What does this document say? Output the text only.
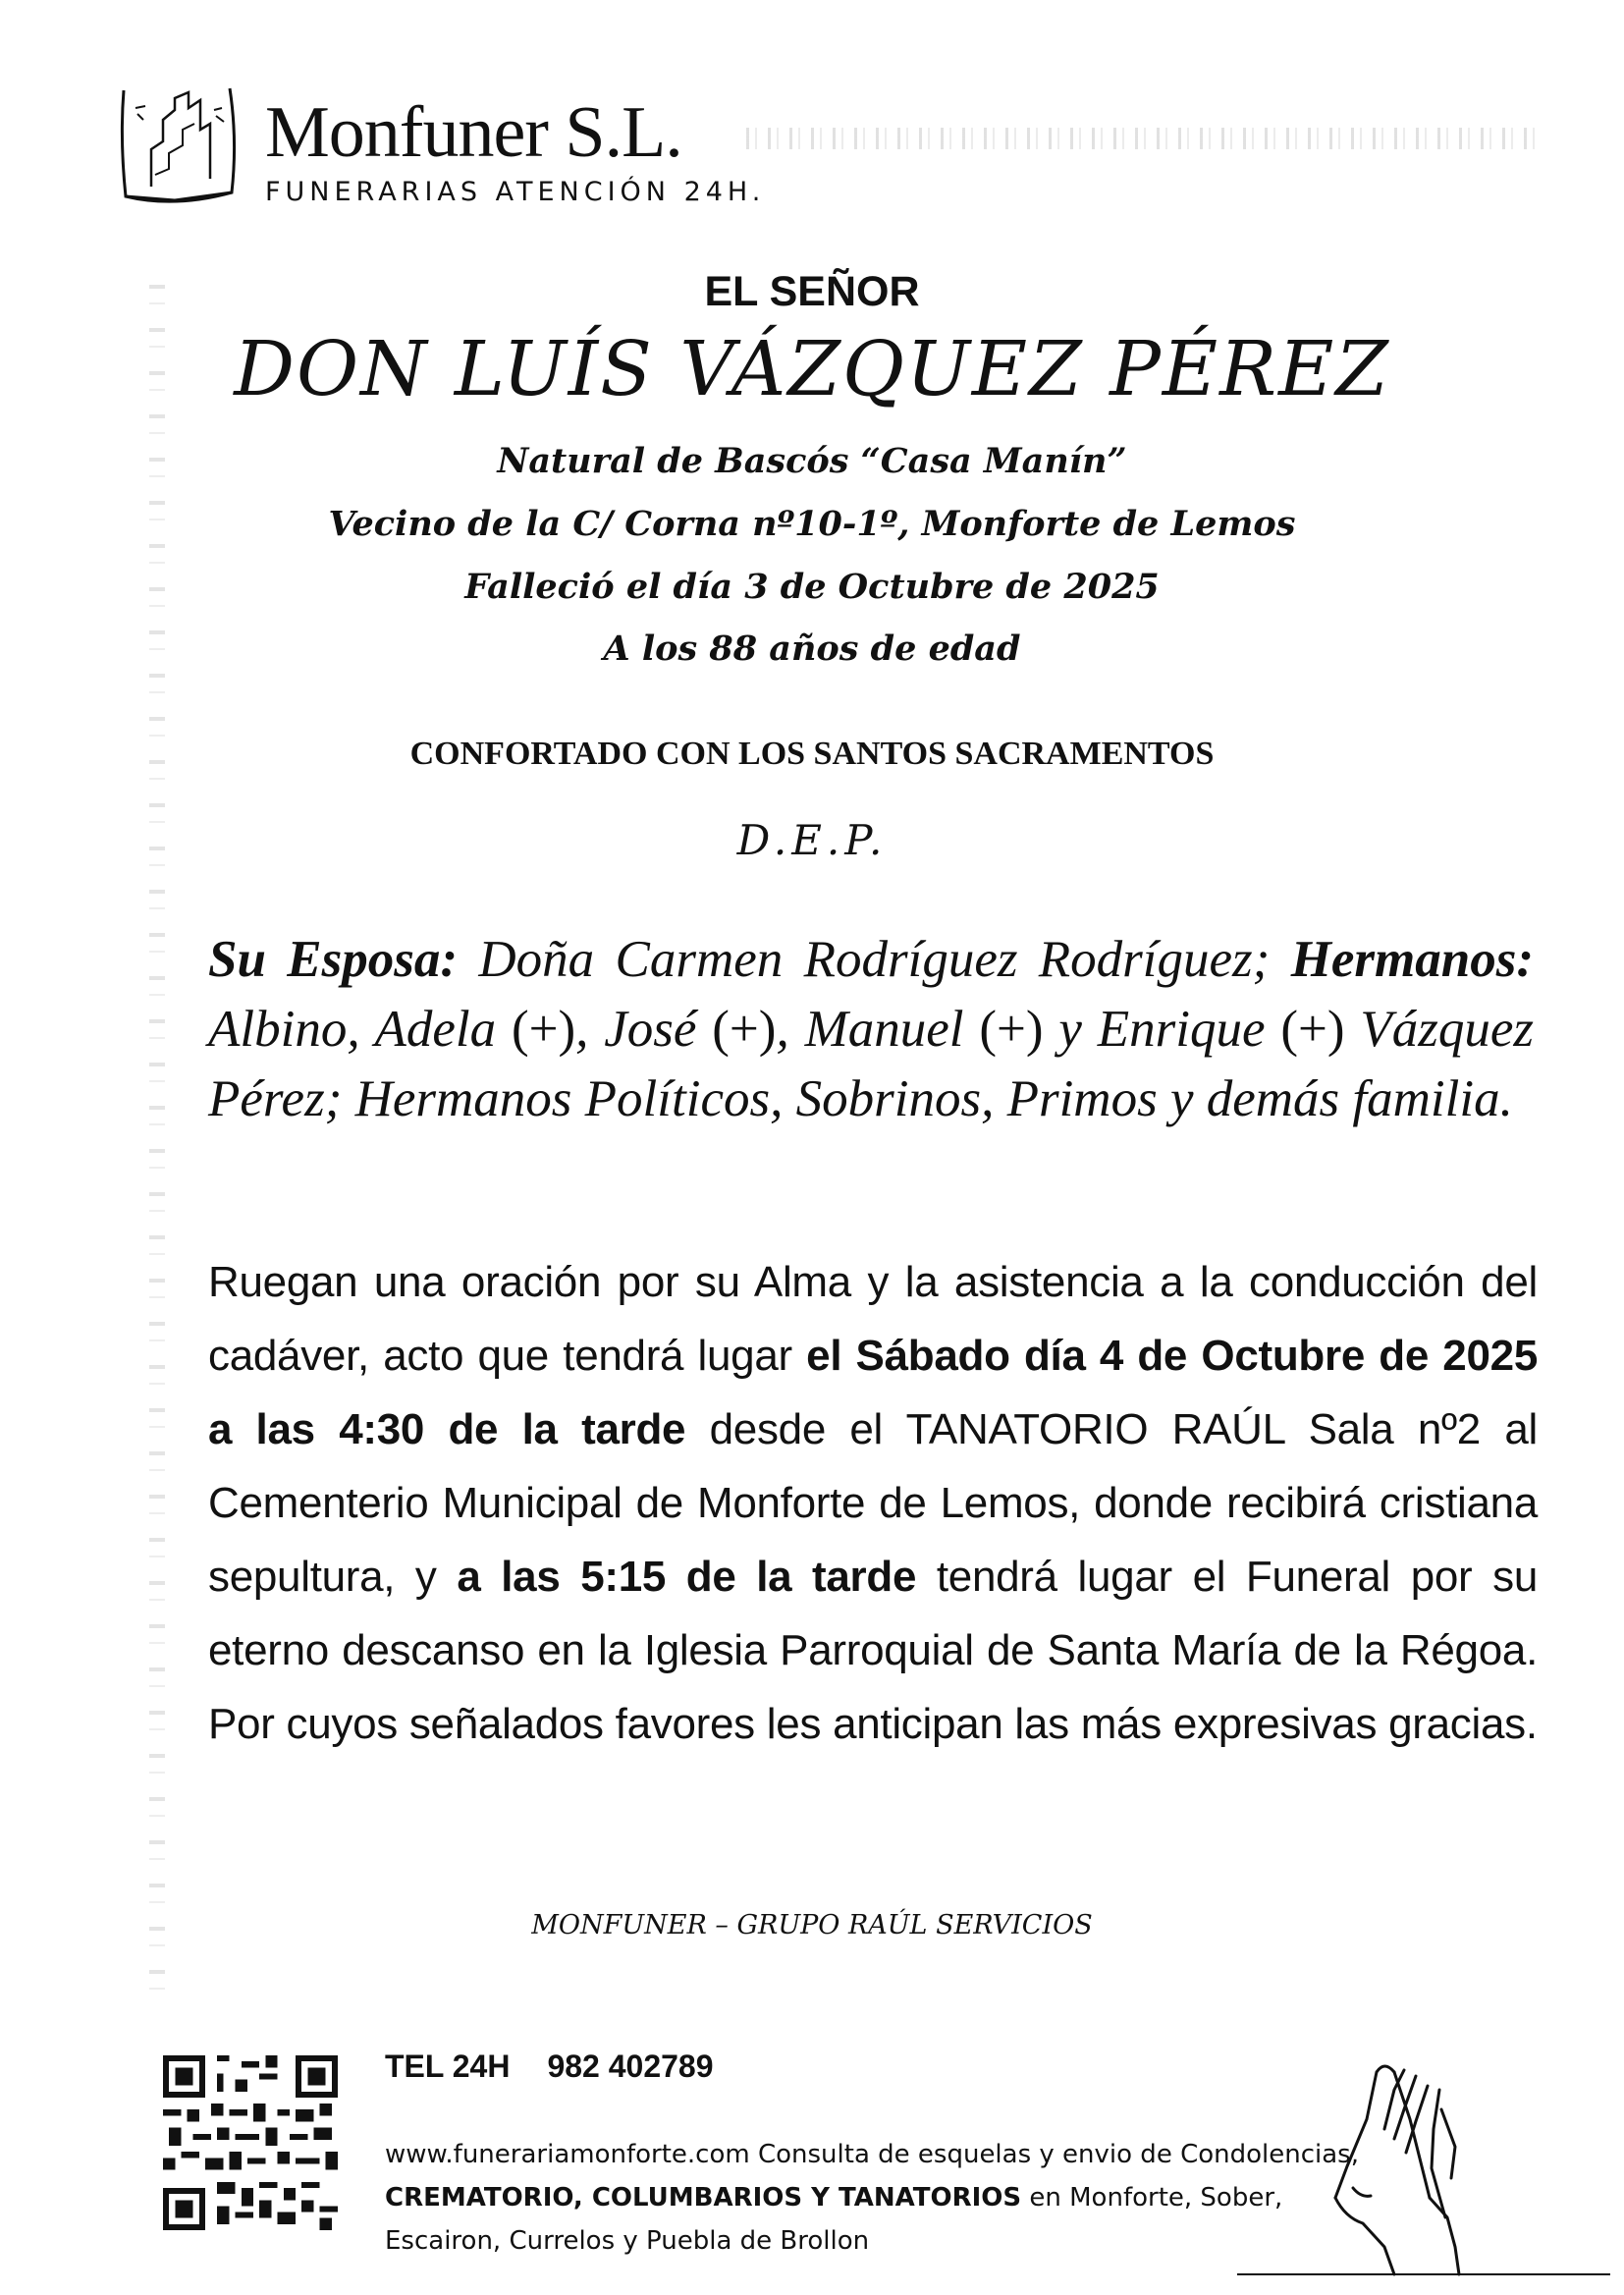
Monfuner S.L.
FUNERARIAS ATENCIÓN 24H.
EL SEÑOR
DON LUÍS VÁZQUEZ PÉREZ
Natural de Bascós “Casa Manín”
Vecino de la C/ Corna nº10-1º, Monforte de Lemos
Falleció el día 3 de Octubre de 2025
A los 88 años de edad
CONFORTADO CON LOS SANTOS SACRAMENTOS
D.E.P.
Su Esposa: Doña Carmen Rodríguez Rodríguez; Hermanos: Albino, Adela (+), José (+), Manuel (+) y Enrique (+) Vázquez Pérez; Hermanos Políticos, Sobrinos, Primos y demás familia.
Ruegan una oración por su Alma y la asistencia a la conducción del cadáver, acto que tendrá lugar el Sábado día 4 de Octubre de 2025 a las 4:30 de la tarde desde el TANATORIO RAÚL Sala nº2 al Cementerio Municipal de Monforte de Lemos, donde recibirá cristiana sepultura, y a las 5:15 de la tarde tendrá lugar el Funeral por su eterno descanso en la Iglesia Parroquial de Santa María de la Régoa. Por cuyos señalados favores les anticipan las más expresivas gracias.
MONFUNER – GRUPO RAÚL SERVICIOS
TEL 24H 982 402789
www.funerariamonforte.com Consulta de esquelas y envio de Condolencias, CREMATORIO, COLUMBARIOS Y TANATORIOS en Monforte, Sober, Escairon, Currelos y Puebla de Brollon
